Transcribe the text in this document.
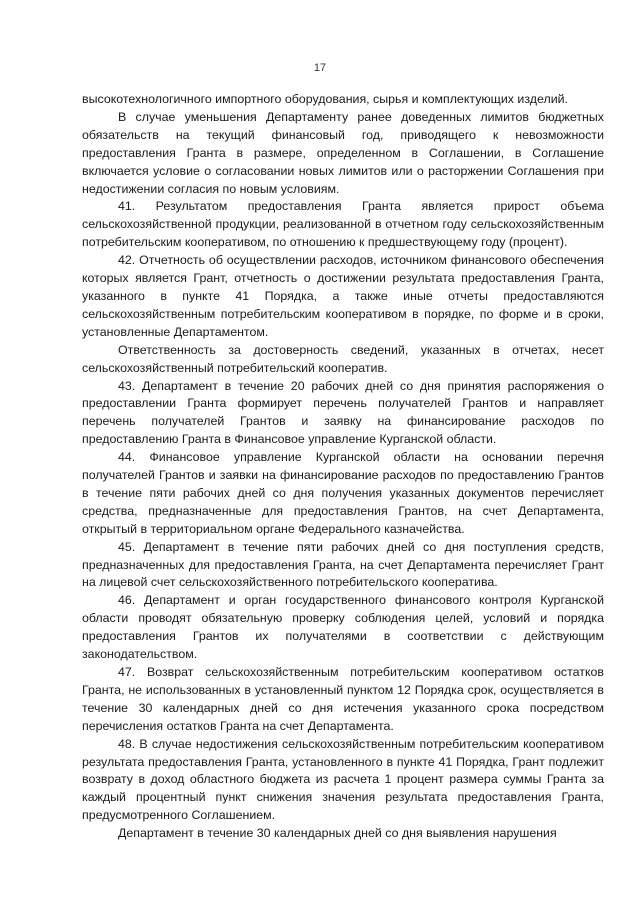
17

высокотехнологичного импортного оборудования, сырья и комплектующих изделий.

В случае уменьшения Департаменту ранее доведенных лимитов бюджетных обязательств на текущий финансовый год, приводящего к невозможности предоставления Гранта в размере, определенном в Соглашении, в Соглашение включается условие о согласовании новых лимитов или о расторжении Соглашения при недостижении согласия по новым условиям.

41. Результатом предоставления Гранта является прирост объема сельскохозяйственной продукции, реализованной в отчетном году сельскохозяйственным потребительским кооперативом, по отношению к предшествующему году (процент).

42. Отчетность об осуществлении расходов, источником финансового обеспечения которых является Грант, отчетность о достижении результата предоставления Гранта, указанного в пункте 41 Порядка, а также иные отчеты предоставляются сельскохозяйственным потребительским кооперативом в порядке, по форме и в сроки, установленные Департаментом.

Ответственность за достоверность сведений, указанных в отчетах, несет сельскохозяйственный потребительский кооператив.

43. Департамент в течение 20 рабочих дней со дня принятия распоряжения о предоставлении Гранта формирует перечень получателей Грантов и направляет перечень получателей Грантов и заявку на финансирование расходов по предоставлению Гранта в Финансовое управление Курганской области.

44. Финансовое управление Курганской области на основании перечня получателей Грантов и заявки на финансирование расходов по предоставлению Грантов в течение пяти рабочих дней со дня получения указанных документов перечисляет средства, предназначенные для предоставления Грантов, на счет Департамента, открытый в территориальном органе Федерального казначейства.

45. Департамент в течение пяти рабочих дней со дня поступления средств, предназначенных для предоставления Гранта, на счет Департамента перечисляет Грант на лицевой счет сельскохозяйственного потребительского кооператива.

46. Департамент и орган государственного финансового контроля Курганской области проводят обязательную проверку соблюдения целей, условий и порядка предоставления Грантов их получателями в соответствии с действующим законодательством.

47. Возврат сельскохозяйственным потребительским кооперативом остатков Гранта, не использованных в установленный пунктом 12 Порядка срок, осуществляется в течение 30 календарных дней со дня истечения указанного срока посредством перечисления остатков Гранта на счет Департамента.

48. В случае недостижения сельскохозяйственным потребительским кооперативом результата предоставления Гранта, установленного в пункте 41 Порядка, Грант подлежит возврату в доход областного бюджета из расчета 1 процент размера суммы Гранта за каждый процентный пункт снижения значения результата предоставления Гранта, предусмотренного Соглашением.

Департамент в течение 30 календарных дней со дня выявления нарушения
